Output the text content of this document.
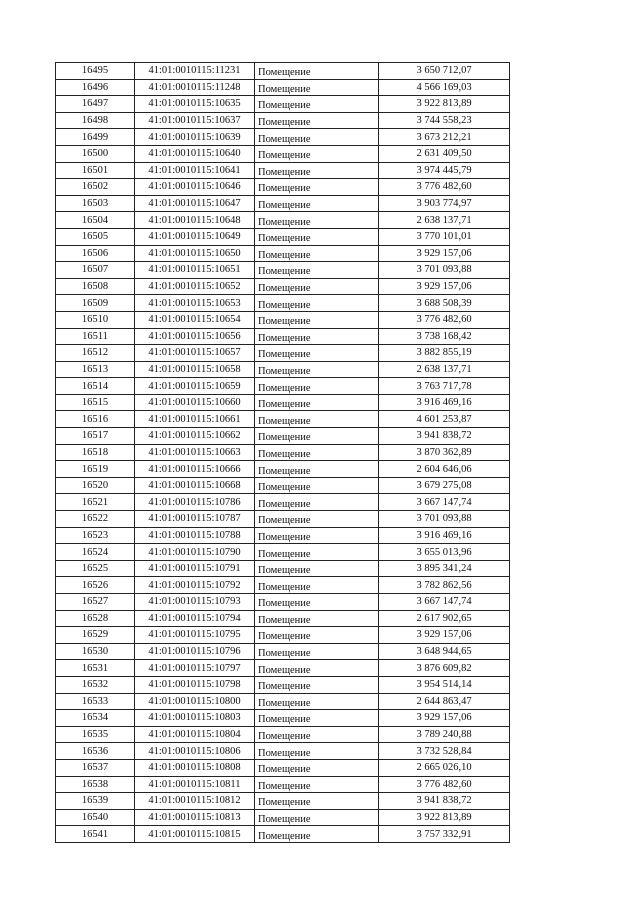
16495	41:01:0010115:11231	Помещение	3 650 712,07
16496	41:01:0010115:11248	Помещение	4 566 169,03
16497	41:01:0010115:10635	Помещение	3 922 813,89
16498	41:01:0010115:10637	Помещение	3 744 558,23
16499	41:01:0010115:10639	Помещение	3 673 212,21
16500	41:01:0010115:10640	Помещение	2 631 409,50
16501	41:01:0010115:10641	Помещение	3 974 445,79
16502	41:01:0010115:10646	Помещение	3 776 482,60
16503	41:01:0010115:10647	Помещение	3 903 774,97
16504	41:01:0010115:10648	Помещение	2 638 137,71
16505	41:01:0010115:10649	Помещение	3 770 101,01
16506	41:01:0010115:10650	Помещение	3 929 157,06
16507	41:01:0010115:10651	Помещение	3 701 093,88
16508	41:01:0010115:10652	Помещение	3 929 157,06
16509	41:01:0010115:10653	Помещение	3 688 508,39
16510	41:01:0010115:10654	Помещение	3 776 482,60
16511	41:01:0010115:10656	Помещение	3 738 168,42
16512	41:01:0010115:10657	Помещение	3 882 855,19
16513	41:01:0010115:10658	Помещение	2 638 137,71
16514	41:01:0010115:10659	Помещение	3 763 717,78
16515	41:01:0010115:10660	Помещение	3 916 469,16
16516	41:01:0010115:10661	Помещение	4 601 253,87
16517	41:01:0010115:10662	Помещение	3 941 838,72
16518	41:01:0010115:10663	Помещение	3 870 362,89
16519	41:01:0010115:10666	Помещение	2 604 646,06
16520	41:01:0010115:10668	Помещение	3 679 275,08
16521	41:01:0010115:10786	Помещение	3 667 147,74
16522	41:01:0010115:10787	Помещение	3 701 093,88
16523	41:01:0010115:10788	Помещение	3 916 469,16
16524	41:01:0010115:10790	Помещение	3 655 013,96
16525	41:01:0010115:10791	Помещение	3 895 341,24
16526	41:01:0010115:10792	Помещение	3 782 862,56
16527	41:01:0010115:10793	Помещение	3 667 147,74
16528	41:01:0010115:10794	Помещение	2 617 902,65
16529	41:01:0010115:10795	Помещение	3 929 157,06
16530	41:01:0010115:10796	Помещение	3 648 944,65
16531	41:01:0010115:10797	Помещение	3 876 609,82
16532	41:01:0010115:10798	Помещение	3 954 514,14
16533	41:01:0010115:10800	Помещение	2 644 863,47
16534	41:01:0010115:10803	Помещение	3 929 157,06
16535	41:01:0010115:10804	Помещение	3 789 240,88
16536	41:01:0010115:10806	Помещение	3 732 528,84
16537	41:01:0010115:10808	Помещение	2 665 026,10
16538	41:01:0010115:10811	Помещение	3 776 482,60
16539	41:01:0010115:10812	Помещение	3 941 838,72
16540	41:01:0010115:10813	Помещение	3 922 813,89
16541	41:01:0010115:10815	Помещение	3 757 332,91
